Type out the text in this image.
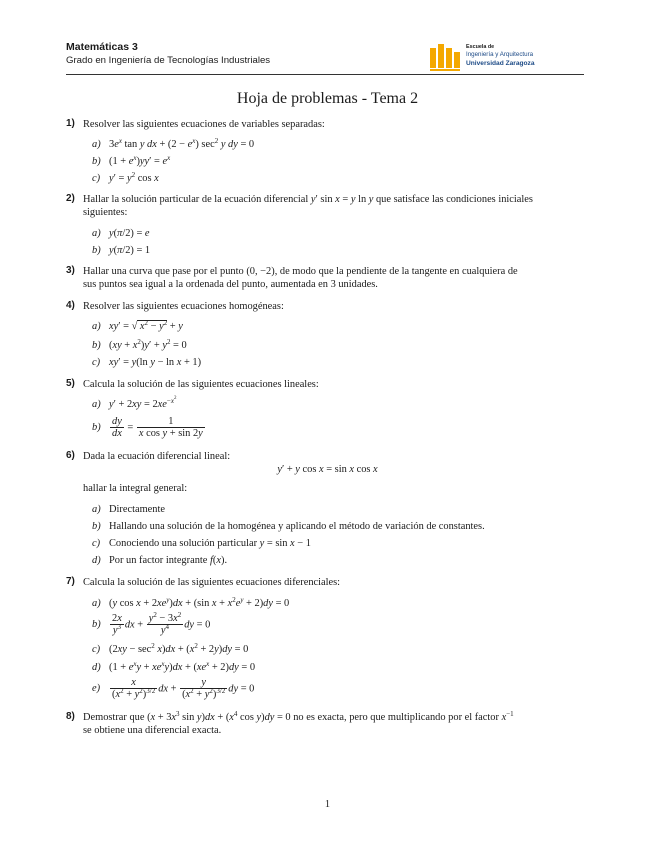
Matemáticas 3
Grado en Ingeniería de Tecnologías Industriales
Escuela de
Ingeniería y Arquitectura
Universidad Zaragoza
Hoja de problemas - Tema 2
1) Resolver las siguientes ecuaciones de variables separadas:
a) $3e^x$ tan y dx + $(2 - e^x)$ $\sec^2 y$ dy = 0
b) $(1 + e^x)yy' = e^x$
c) $y' = y^2$ cos x
2) Hallar la solución particular de la ecuación diferencial y′ sin x = y ln y que satisface las condiciones iniciales
siguientes:
a) y(π/2) = e
b) y(π/2) = 1
3) Hallar una curva que pase por el punto (0, −2), de modo que la pendiente de la tangente en cualquiera de
sus puntos sea igual a la ordenada del punto, aumentada en 3 unidades.
4) Resolver las siguientes ecuaciones homogéneas:
a) xy′ = √ $x^2 - y^2 + y$
b) $(xy + x^2)y' + y^2 = 0$
c) xy′ = y(ln y − ln x + 1)
5) Calcula la solución de las siguientes ecuaciones lineales:
a) $y' + 2xy = 2xe^{-x^2}$
$b) \frac{dy}{dx} = \frac{1}{\text{x cos y + sin 2y}}$
6) Dada la ecuación diferencial lineal:
y′ + y cos x = sin x cos x
hallar la integral general:
a) Directamente
b) Hallando una solución de la homogénea y aplicando el método de variación de constantes.
c) Conociendo una solución particular y = sin x − 1
d) Por un factor integrante f(x).
7) Calcula la solución de las siguientes ecuaciones diferenciales:
a) (y $\cos x + 2xe^y)dx + (\sin$ $x + x^2e^y + 2)dy = 0$
$b) \frac{2x}{y^3}$ dx + $\frac{y^2 - 3x^2}{y^4}$ dy = 0
c) $(2xy - \sec^2 x)dx + (x^2 + 2y)dy = 0$
d) $(1 + e^xy + xe^xy)dx + (xe^x + 2)dy = 0$
$e) \frac{x}{(x^2 + y^2)^{3/2}}$ dx + $\frac{y}{(x^2 + y^2)^{3/2}}$ dy = 0
8) Demostrar que ($x + 3x^3$ $\sin y)dx + (x^4$ cos y)dy = 0 no es exacta, pero que multiplicando por el factor $x^{-1}$
se obtiene una diferencial exacta.
1
